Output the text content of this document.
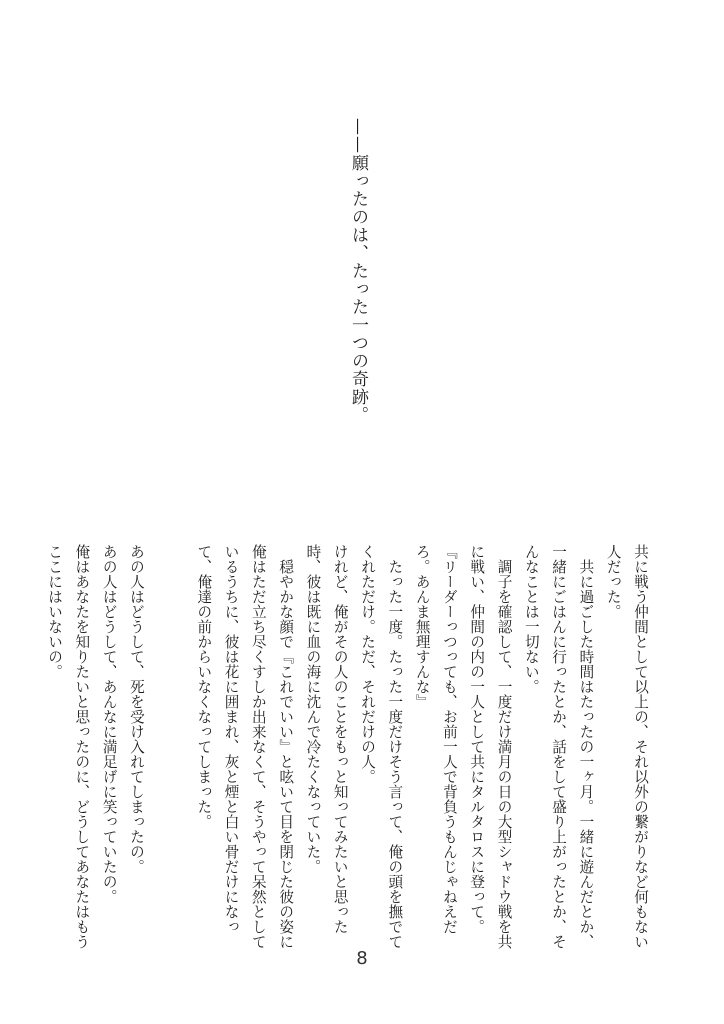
——願ったのは、たった一つの奇跡。

共に戦う仲間として以上の、それ以外の繋がりなど何もない人だった。

　共に過ごした時間はたったの一ヶ月。一緒に遊んだとか、一緒にごはんに行ったとか、話をして盛り上がったとか、そんなことは一切ない。

　調子を確認して、一度だけ満月の日の大型シャドウ戦を共に戦い、仲間の内の一人として共にタルタロスに登って。

『リーダーっつっても、お前一人で背負うもんじゃねえだろ。あんま無理すんな』

　たった一度。たった一度だけそう言って、俺の頭を撫でてくれただけ。ただ、それだけの人。

けれど、俺がその人のことをもっと知ってみたいと思った時、彼は既に血の海に沈んで冷たくなっていた。

　穏やかな顔で『これでいい』と呟いて目を閉じた彼の姿に俺はただ立ち尽くすしか出来なくて、そうやって呆然としているうちに、彼は花に囲まれ、灰と煙と白い骨だけになって、俺達の前からいなくなってしまった。

あの人はどうして、死を受け入れてしまったの。

あの人はどうして、あんなに満足げに笑っていたの。

俺はあなたを知りたいと思ったのに、どうしてあなたはもうここにはいないの。

8
